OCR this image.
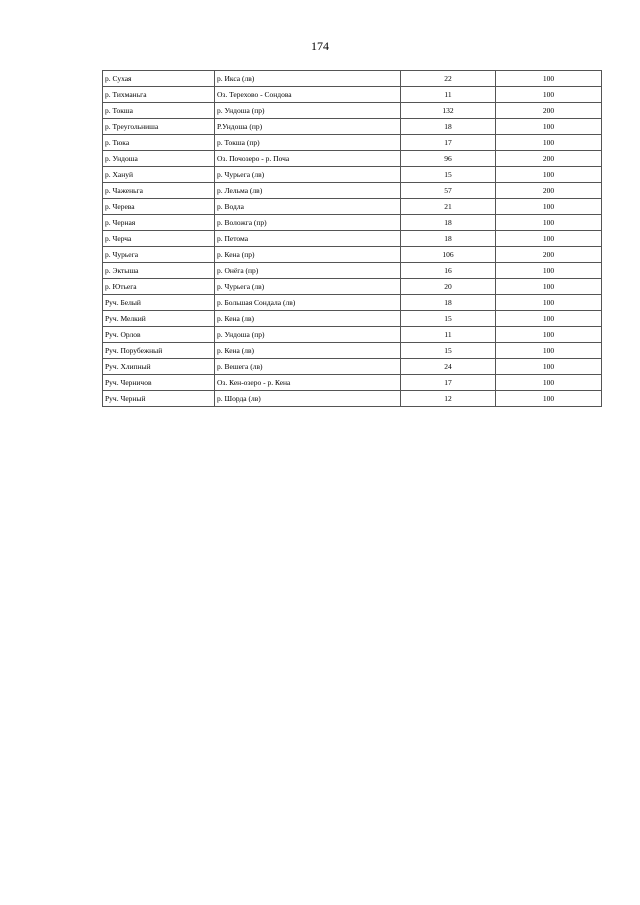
174
р. Сухая	р. Икса (лв)	22	100
р. Тихманьга	Оз. Тереховo - Сондова	11	100
р. Токша	р. Ундоша (пр)	132	200
р. Треугольниша	Р.Ундоша (пр)	18	100
р. Тюка	р. Токша (пр)	17	100
р. Ундоша	Оз. Почозеро - р. Поча	96	200
р. Хануй	р. Чурьега (лв)	15	100
р. Чаженьга	р. Лельма (лв)	57	200
р. Черева	р. Водла	21	100
р. Черная	р. Воложга (пр)	18	100
р. Черча	р. Петома	18	100
р. Чурьега	р. Кена (пр)	106	200
р. Эктыша	р. Онёга (пр)	16	100
р. Ютьега	р. Чурьега (лв)	20	100
Руч. Белый	р. Большая Сондала (лв)	18	100
Руч. Мелкий	р. Кена (лв)	15	100
Руч. Орлов	р. Ундоша (пр)	11	100
Руч. Порубежный	р. Кена (лв)	15	100
Руч. Хлипный	р. Вешега (лв)	24	100
Руч. Черничов	Оз. Кен-озеро - р. Кена	17	100
Руч. Черный	р. Шорда (лв)	12	100
